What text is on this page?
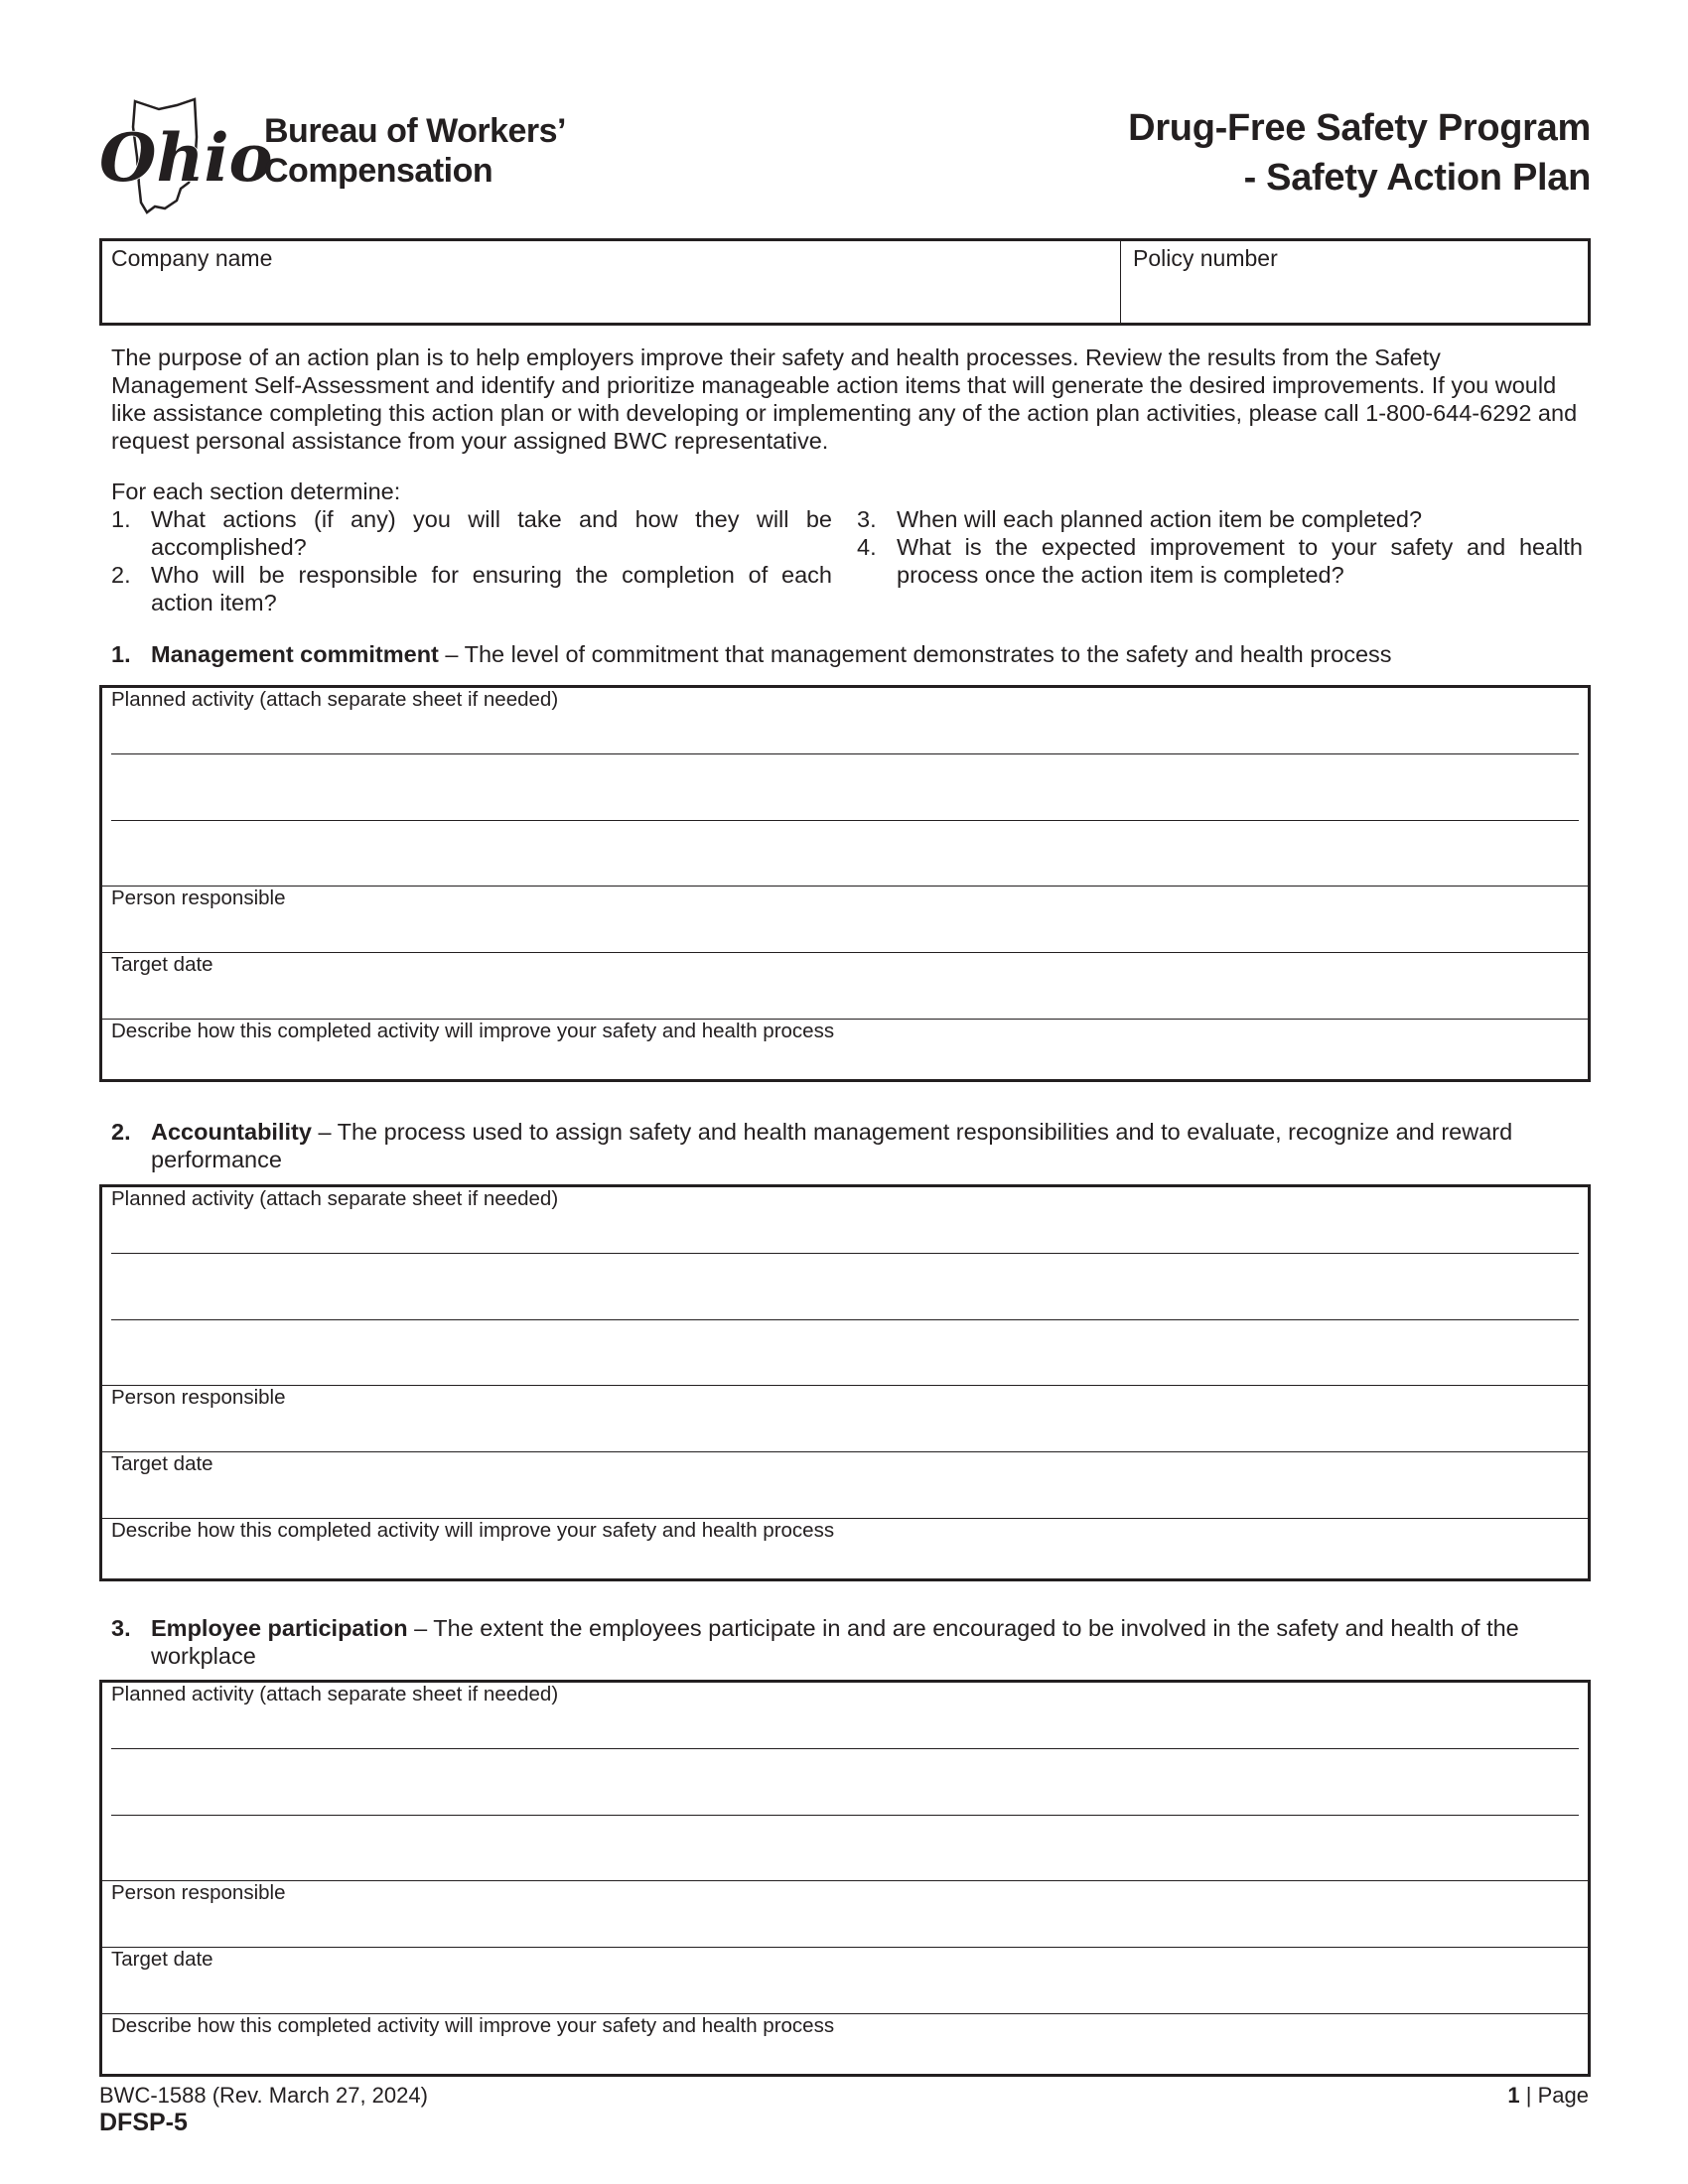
Ohio
Bureau of Workers’
Compensation
Drug-Free Safety Program
- Safety Action Plan
Company name	Policy number
The purpose of an action plan is to help employers improve their safety and health processes. Review the results from the Safety Management Self-Assessment and identify and prioritize manageable action items that will generate the desired improvements. If you would like assistance completing this action plan or with developing or implementing any of the action plan activities, please call 1-800-644-6292 and request personal assistance from your assigned BWC representative.
For each section determine:
1. What actions (if any) you will take and how they will be accomplished?
2. Who will be responsible for ensuring the completion of each action item?
3. When will each planned action item be completed?
4. What is the expected improvement to your safety and health process once the action item is completed?
1. Management commitment – The level of commitment that management demonstrates to the safety and health process
Planned activity (attach separate sheet if needed)
Person responsible
Target date
Describe how this completed activity will improve your safety and health process
2. Accountability – The process used to assign safety and health management responsibilities and to evaluate, recognize and reward performance
Planned activity (attach separate sheet if needed)
Person responsible
Target date
Describe how this completed activity will improve your safety and health process
3. Employee participation – The extent the employees participate in and are encouraged to be involved in the safety and health of the workplace
Planned activity (attach separate sheet if needed)
Person responsible
Target date
Describe how this completed activity will improve your safety and health process
BWC-1588 (Rev. March 27, 2024)
DFSP-5
1 | Page
